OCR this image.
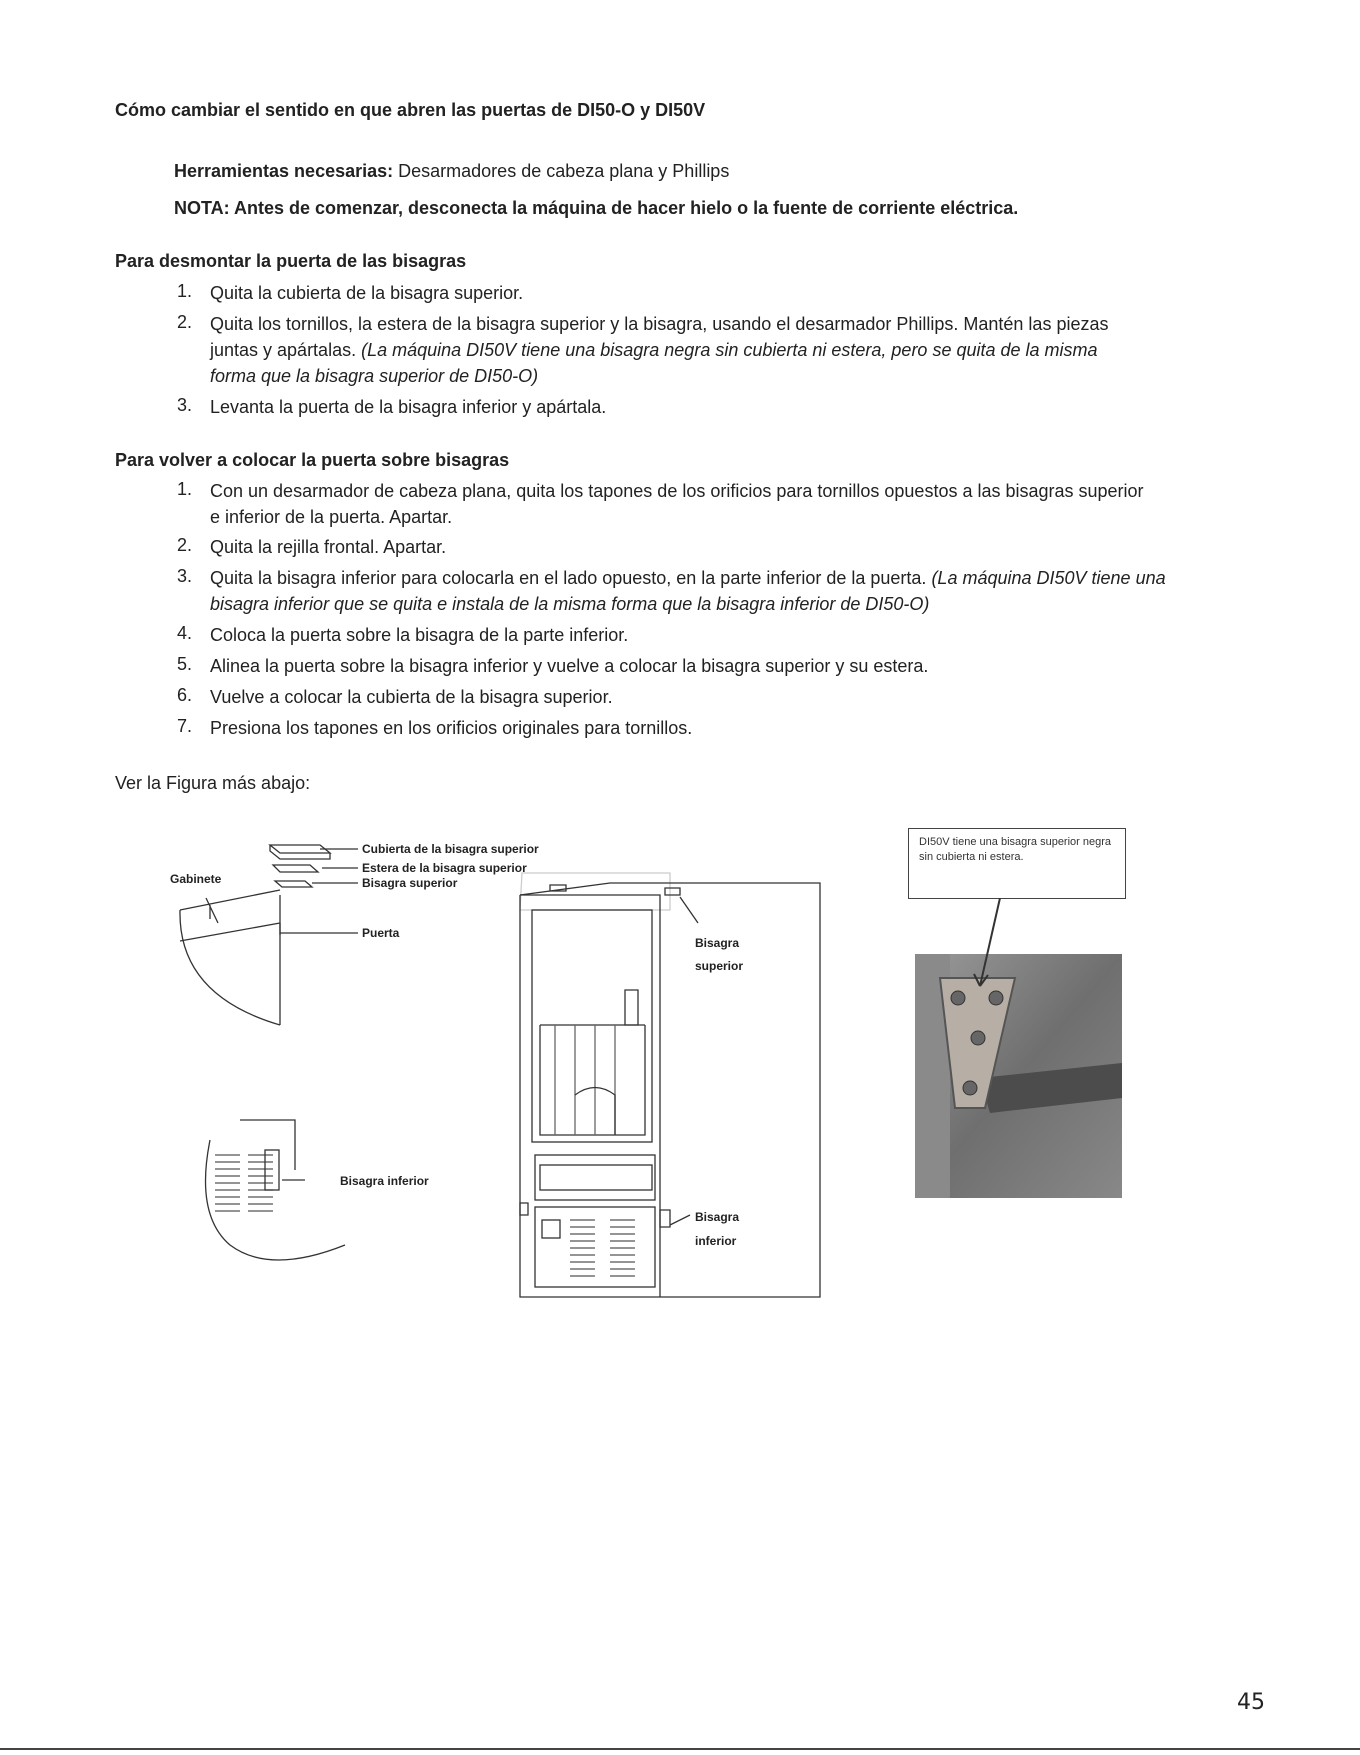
Cómo cambiar el sentido en que abren las puertas de DI50-O y DI50V
Herramientas necesarias: Desarmadores de cabeza plana y Phillips
NOTA: Antes de comenzar, desconecta la máquina de hacer hielo o la fuente de corriente eléctrica.
Para desmontar la puerta de las bisagras
1. Quita la cubierta de la bisagra superior.
2. Quita los tornillos, la estera de la bisagra superior y la bisagra, usando el desarmador Phillips. Mantén las piezas
juntas y apártalas. (La máquina DI50V tiene una bisagra negra sin cubierta ni estera, pero se quita de la misma
forma que la bisagra superior de DI50-O)
3. Levanta la puerta de la bisagra inferior y apártala.
Para volver a colocar la puerta sobre bisagras
1. Con un desarmador de cabeza plana, quita los tapones de los orificios para tornillos opuestos a las bisagras superior
e inferior de la puerta. Apartar.
2. Quita la rejilla frontal. Apartar.
3. Quita la bisagra inferior para colocarla en el lado opuesto, en la parte inferior de la puerta. (La máquina DI50V tiene una
bisagra inferior que se quita e instala de la misma forma que la bisagra inferior de DI50-O)
4. Coloca la puerta sobre la bisagra de la parte inferior.
5. Alinea la puerta sobre la bisagra inferior y vuelve a colocar la bisagra superior y su estera.
6. Vuelve a colocar la cubierta de la bisagra superior.
7. Presiona los tapones en los orificios originales para tornillos.
Ver la Figura más abajo:
Gabinete
Cubierta de la bisagra superior
Estera de la bisagra superior
Bisagra superior
Puerta
Bisagra
superior
Bisagra inferior
Bisagra
inferior
DI50V tiene una bisagra superior negra sin cubierta ni estera.
45
